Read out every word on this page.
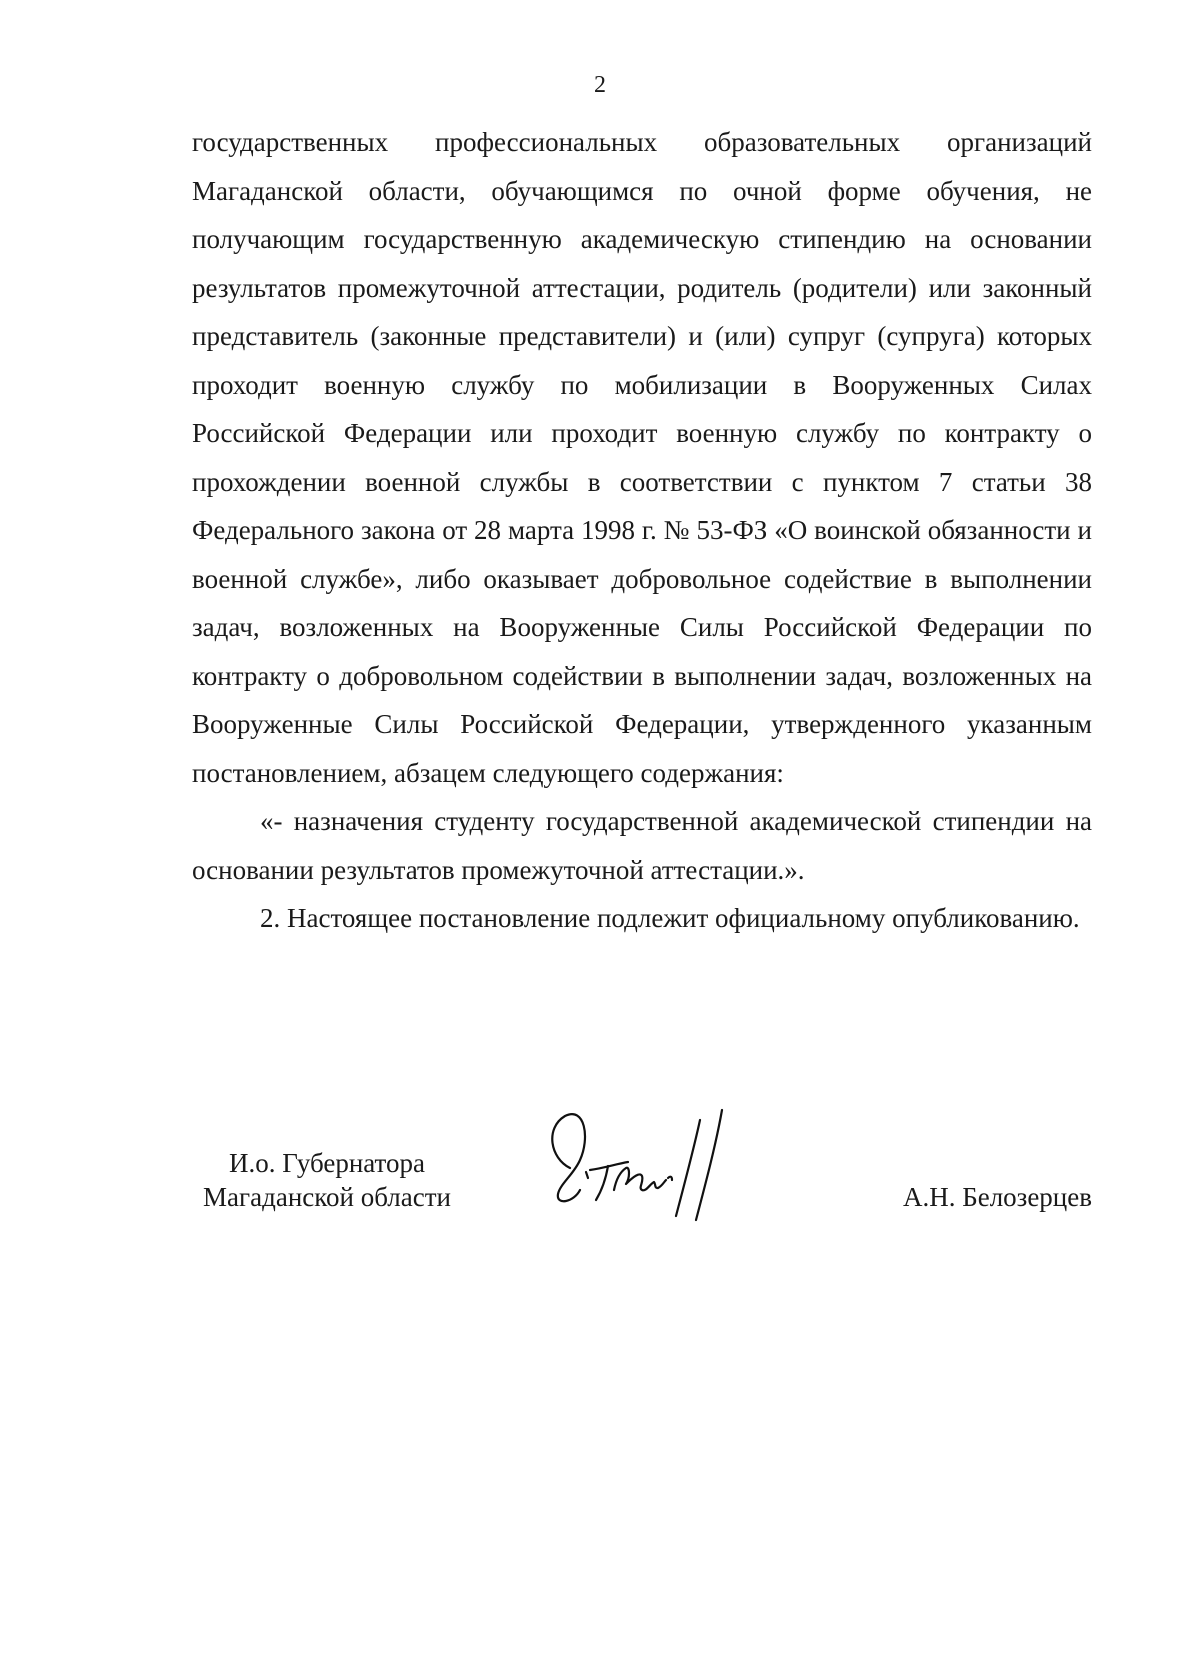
2

государственных профессиональных образовательных организаций Магаданской области, обучающимся по очной форме обучения, не получающим государственную академическую стипендию на основании результатов промежуточной аттестации, родитель (родители) или законный представитель (законные представители) и (или) супруг (супруга) которых проходит военную службу по мобилизации в Вооруженных Силах Российской Федерации или проходит военную службу по контракту о прохождении военной службы в соответствии с пунктом 7 статьи 38 Федерального закона от 28 марта 1998 г. № 53-ФЗ «О воинской обязанности и военной службе», либо оказывает добровольное содействие в выполнении задач, возложенных на Вооруженные Силы Российской Федерации по контракту о добровольном содействии в выполнении задач, возложенных на Вооруженные Силы Российской Федерации, утвержденного указанным постановлением, абзацем следующего содержания:

«- назначения студенту государственной академической стипендии на основании результатов промежуточной аттестации.».

2. Настоящее постановление подлежит официальному опубликованию.

И.о. Губернатора
Магаданской области	А.Н. Белозерцев
